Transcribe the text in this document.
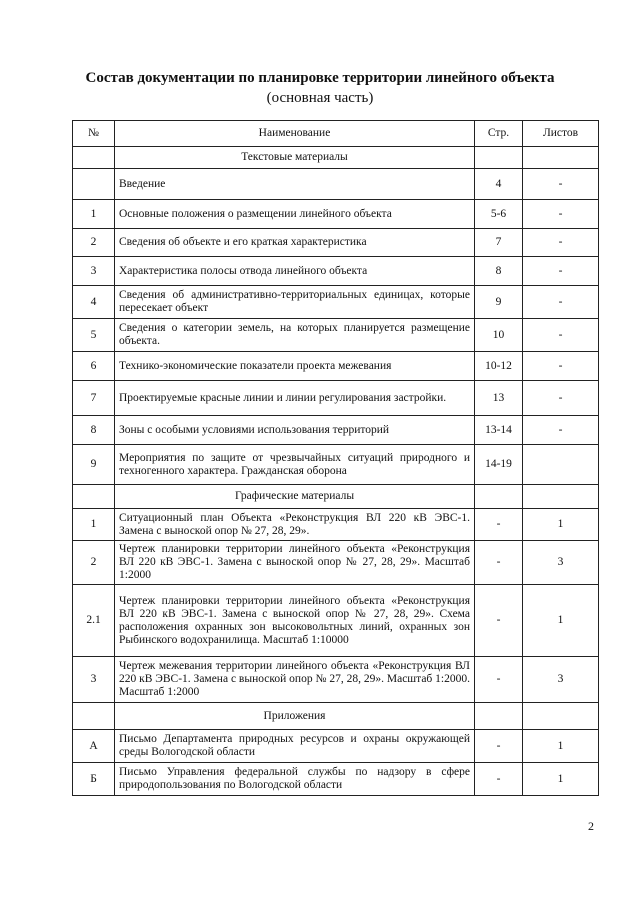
Состав документации по планировке территории линейного объекта
(основная часть)
№	Наименование	Стр.	Листов
	Текстовые материалы		
	Введение	4	-
1	Основные положения о размещении линейного объекта	5-6	-
2	Сведения об объекте и его краткая характеристика	7	-
3	Характеристика полосы отвода линейного объекта	8	-
4	Сведения об административно-территориальных единицах, которые пересекает объект	9	-
5	Сведения о категории земель, на которых планируется размещение объекта.	10	-
6	Технико-экономические показатели проекта межевания	10-12	-
7	Проектируемые красные линии и линии регулирования застройки.	13	-
8	Зоны с особыми условиями использования территорий	13-14	-
9	Мероприятия по защите от чрезвычайных ситуаций природного и техногенного характера. Гражданская оборона	14-19	
	Графические материалы		
1	Ситуационный план Объекта «Реконструкция ВЛ 220 кВ ЭВС-1. Замена с выноской опор № 27, 28, 29».	-	1
2	Чертеж планировки территории линейного объекта «Реконструкция ВЛ 220 кВ ЭВС-1. Замена с выноской опор № 27, 28, 29». Масштаб 1:2000	-	3
2.1	Чертеж планировки территории линейного объекта «Реконструкция ВЛ 220 кВ ЭВС-1. Замена с выноской опор № 27, 28, 29». Схема расположения охранных зон высоковольтных линий, охранных зон Рыбинского водохранилища. Масштаб 1:10000	-	1
3	Чертеж межевания территории линейного объекта «Реконструкция ВЛ 220 кВ ЭВС-1. Замена с выноской опор № 27, 28, 29». Масштаб 1:2000. Масштаб 1:2000	-	3
	Приложения		
А	Письмо Департамента природных ресурсов и охраны окружающей среды Вологодской области	-	1
Б	Письмо Управления федеральной службы по надзору в сфере природопользования по Вологодской области	-	1
2
